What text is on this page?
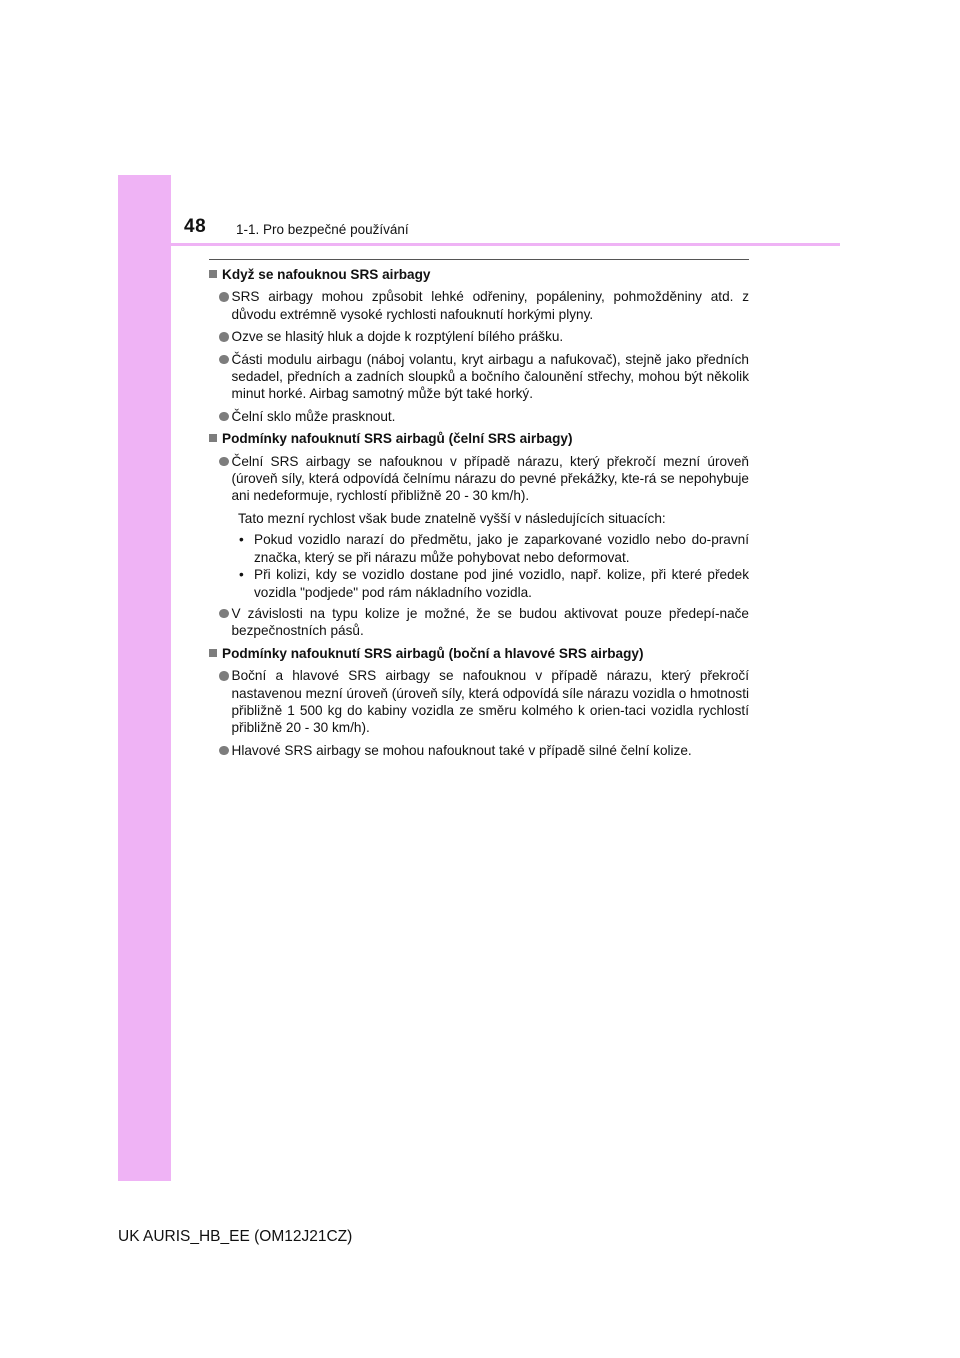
48 1-1. Pro bezpečné používání
Když se nafouknou SRS airbagy
SRS airbagy mohou způsobit lehké odřeniny, popáleniny, pohmožděniny atd. z důvodu extrémně vysoké rychlosti nafouknutí horkými plyny.
Ozve se hlasitý hluk a dojde k rozptýlení bílého prášku.
Části modulu airbagu (náboj volantu, kryt airbagu a nafukovač), stejně jako předních sedadel, předních a zadních sloupků a bočního čalounění střechy, mohou být několik minut horké. Airbag samotný může být také horký.
Čelní sklo může prasknout.
Podmínky nafouknutí SRS airbagů (čelní SRS airbagy)
Čelní SRS airbagy se nafouknou v případě nárazu, který překročí mezní úroveň (úroveň síly, která odpovídá čelnímu nárazu do pevné překážky, kte-rá se nepohybuje ani nedeformuje, rychlostí přibližně 20 - 30 km/h).
Tato mezní rychlost však bude znatelně vyšší v následujících situacích:
• Pokud vozidlo narazí do předmětu, jako je zaparkované vozidlo nebo do-pravní značka, který se při nárazu může pohybovat nebo deformovat.
• Při kolizi, kdy se vozidlo dostane pod jiné vozidlo, např. kolize, při které předek vozidla "podjede" pod rám nákladního vozidla.
V závislosti na typu kolize je možné, že se budou aktivovat pouze předepí-nače bezpečnostních pásů.
Podmínky nafouknutí SRS airbagů (boční a hlavové SRS airbagy)
Boční a hlavové SRS airbagy se nafouknou v případě nárazu, který překročí nastavenou mezní úroveň (úroveň síly, která odpovídá síle nárazu vozidla o hmotnosti přibližně 1 500 kg do kabiny vozidla ze směru kolmého k orien-taci vozidla rychlostí přibližně 20 - 30 km/h).
Hlavové SRS airbagy se mohou nafouknout také v případě silné čelní kolize.
UK AURIS_HB_EE (OM12J21CZ)
